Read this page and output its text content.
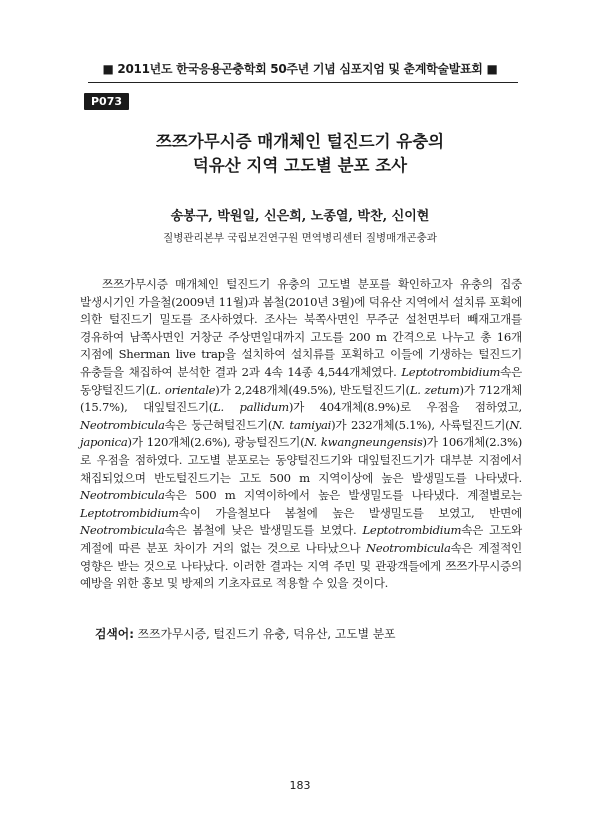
■ 2011년도 한국응용곤충학회 50주년 기념 심포지엄 및 춘계학술발표회 ■
P073
쯔쯔가무시증 매개체인 털진드기 유충의
덕유산 지역 고도별 분포 조사
송봉구, 박원일, 신은희, 노종열, 박찬, 신이현
질병관리본부 국립보건연구원 면역병리센터 질병매개곤충과

쯔쯔가무시증 매개체인 털진드기 유충의 고도별 분포를 확인하고자 유충의 집중 발생시기인 가을철(2009년 11월)과 봄철(2010년 3월)에 덕유산 지역에서 설치류 포획에 의한 털진드기 밀도를 조사하였다. 조사는 북쪽사면인 무주군 설천면부터 빼재고개를 경유하여 남쪽사면인 거창군 주상면일대까지 고도를 200 m 간격으로 나누고 총 16개 지점에 Sherman live trap을 설치하여 설치류를 포획하고 이들에 기생하는 털진드기 유충들을 채집하여 분석한 결과 2과 4속 14종 4,544개체였다. Leptotrombidium속은 동양털진드기(L. orientale)가 2,248개체(49.5%), 반도털진드기(L. zetum)가 712개체(15.7%), 대잎털진드기(L. pallidum)가 404개체(8.9%)로 우점을 점하였고, Neotrombicula속은 둥근혀털진드기(N. tamiyai)가 232개체(5.1%), 사륙털진드기(N. japonica)가 120개체(2.6%), 광능털진드기(N. kwangneungensis)가 106개체(2.3%)로 우점을 점하였다. 고도별 분포로는 동양털진드기와 대잎털진드기가 대부분 지점에서 채집되었으며 반도털진드기는 고도 500 m 지역이상에 높은 발생밀도를 나타냈다. Neotrombicula속은 500 m 지역이하에서 높은 발생밀도를 나타냈다. 계절별로는 Leptotrombidium속이 가을철보다 봄철에 높은 발생밀도를 보였고, 반면에 Neotrombicula속은 봄철에 낮은 발생밀도를 보였다. Leptotrombidium속은 고도와 계절에 따른 분포 차이가 거의 없는 것으로 나타났으나 Neotrombicula속은 계절적인 영향은 받는 것으로 나타났다. 이러한 결과는 지역 주민 및 관광객들에게 쯔쯔가무시증의 예방을 위한 홍보 및 방제의 기초자료로 적용할 수 있을 것이다.

검색어: 쯔쯔가무시증, 털진드기 유충, 덕유산, 고도별 분포
183
